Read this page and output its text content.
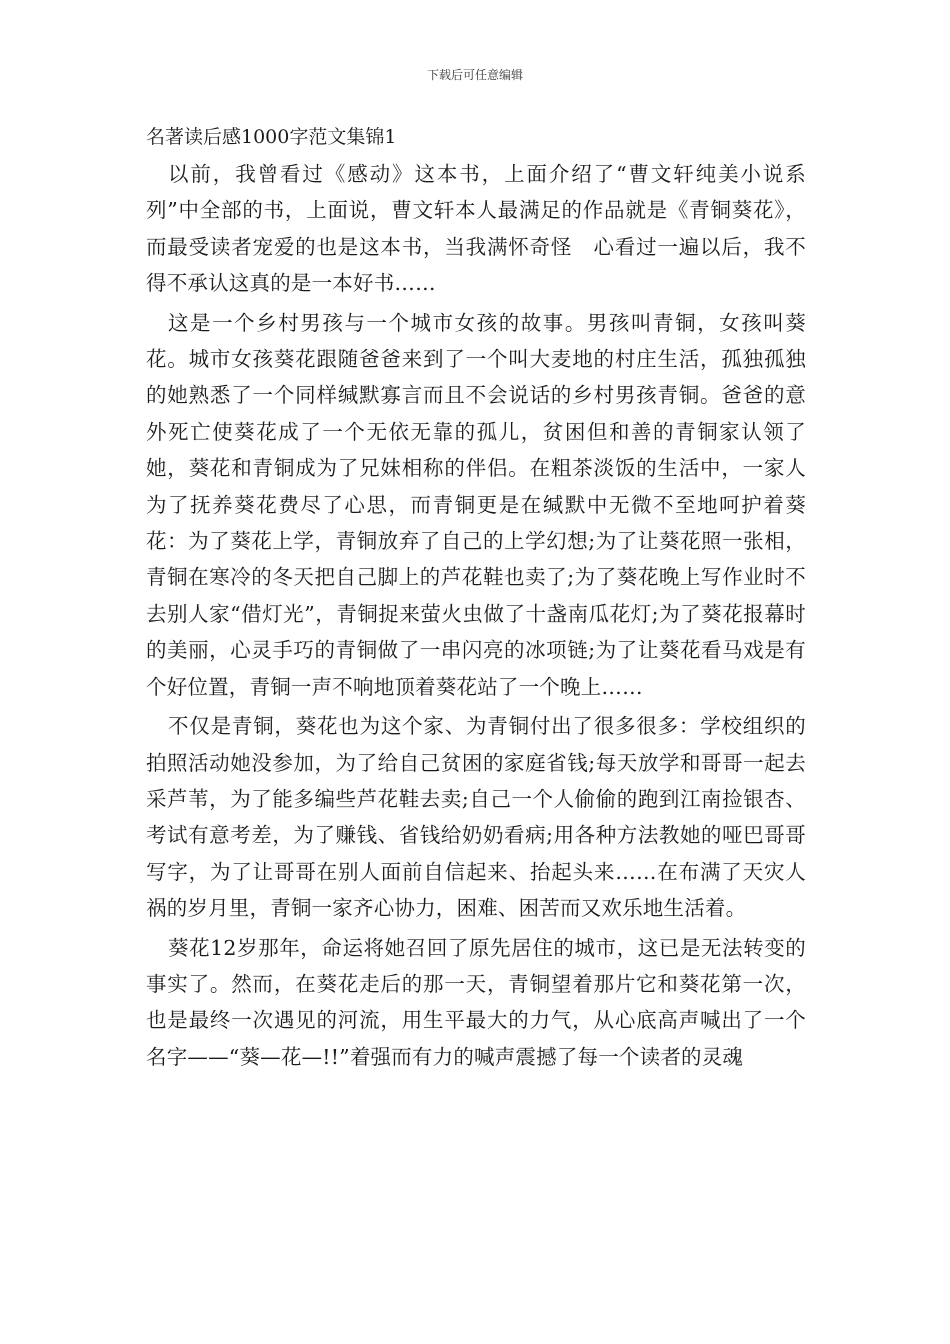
下载后可任意编辑
名著读后感1000字范文集锦1

以前，我曾看过《感动》这本书，上面介绍了“曹文轩纯美小说系列”中全部的书，上面说，曹文轩本人最满足的作品就是《青铜葵花》，而最受读者宠爱的也是这本书，当我满怀奇怪　心看过一遍以后，我不得不承认这真的是一本好书……

这是一个乡村男孩与一个城市女孩的故事。男孩叫青铜，女孩叫葵花。城市女孩葵花跟随爸爸来到了一个叫大麦地的村庄生活，孤独孤独　　的她熟悉了一个同样缄默寡言而且不会说话的乡村男孩青铜。爸爸的意外死亡使葵花成了一个无依无靠的孤儿，贫困但和善的青铜家认领了她，葵花和青铜成为了兄妹相称的伴侣。在粗茶淡饭的生活中，一家人为了抚养葵花费尽了心思，而青铜更是在缄默中无微不至地呵护着葵花：为了葵花上学，青铜放弃了自己的上学幻想;为了让葵花照一张相，青铜在寒冷的冬天把自己脚上的芦花鞋也卖了;为了葵花晚上写作业时不去别人家“借灯光”，青铜捉来萤火虫做了十盏南瓜花灯;为了葵花报幕时的美丽，心灵手巧的青铜做了一串闪亮的冰项链;为了让葵花看马戏是有个好位置，青铜一声不响地顶着葵花站了一个晚上……

不仅是青铜，葵花也为这个家、为青铜付出了很多很多：学校组织的拍照活动她没参加，为了给自己贫困的家庭省钱;每天放学和哥哥一起去采芦苇，为了能多编些芦花鞋去卖;自己一个人偷偷的跑到江南捡银杏、考试有意考差，为了赚钱、省钱给奶奶看病;用各种方法教她的哑巴哥哥写字，为了让哥哥在别人面前自信起来、抬起头来……在布满了天灾人祸的岁月里，青铜一家齐心协力，困难、困苦而又欢乐地生活着。

葵花12岁那年，命运将她召回了原先居住的城市，这已是无法转变的事实了。然而，在葵花走后的那一天，青铜望着那片它和葵花第一次，也是最终一次遇见的河流，用生平最大的力气，从心底高声喊出了一个名字——“葵—花—!!”着强而有力的喊声震撼了每一个读者的灵魂
